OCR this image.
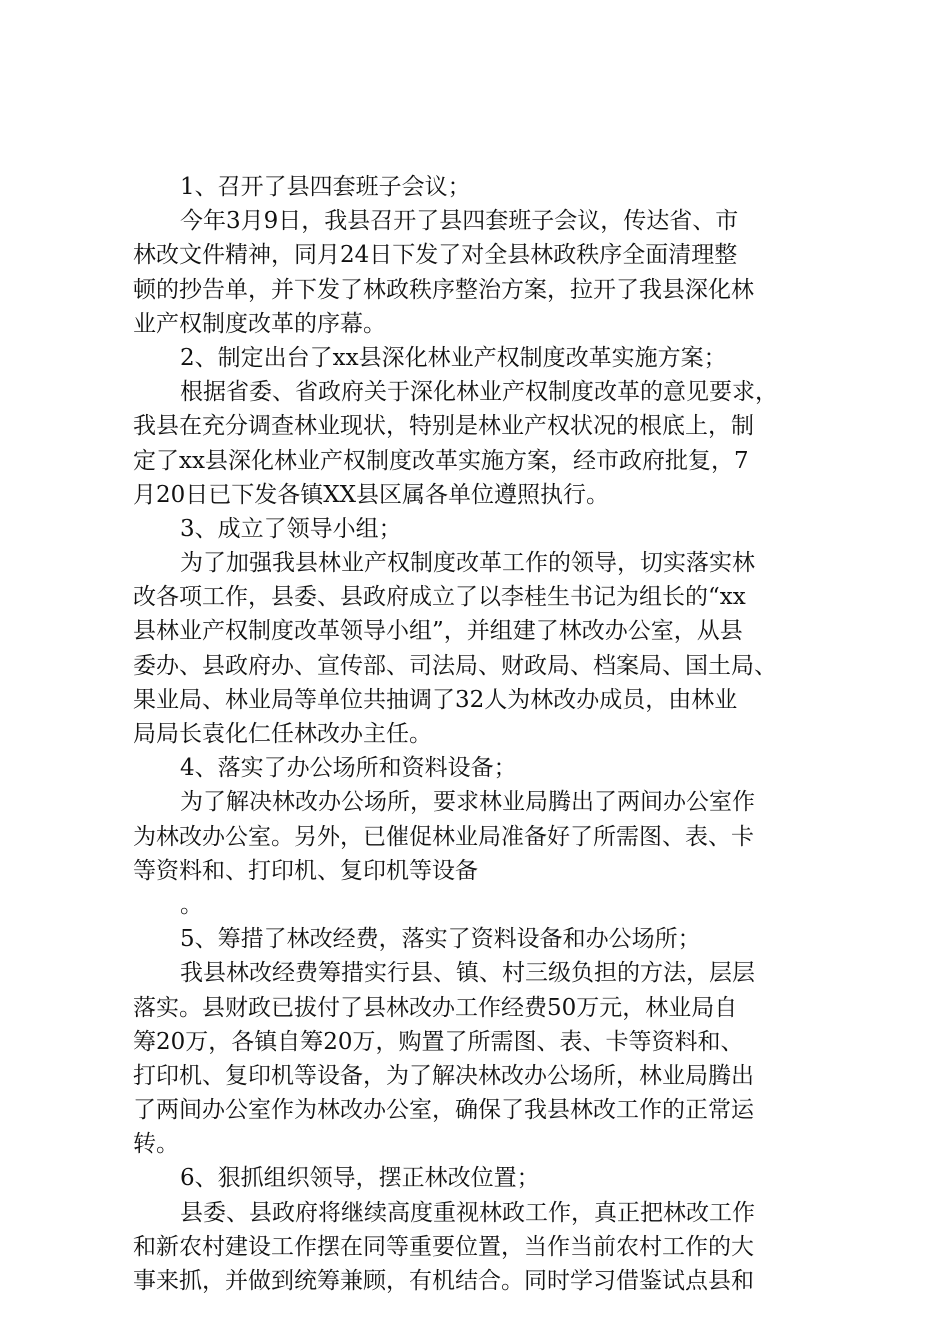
1、召开了县四套班子会议；
今年3月9日，我县召开了县四套班子会议，传达省、市
林改文件精神，同月24日下发了对全县林政秩序全面清理整
顿的抄告单，并下发了林政秩序整治方案，拉开了我县深化林
业产权制度改革的序幕。
2、制定出台了xx县深化林业产权制度改革实施方案；
根据省委、省政府关于深化林业产权制度改革的意见要求，
我县在充分调查林业现状，特别是林业产权状况的根底上，制
定了xx县深化林业产权制度改革实施方案，经市政府批复，7
月20日已下发各镇XX县区属各单位遵照执行。
3、成立了领导小组；
为了加强我县林业产权制度改革工作的领导，切实落实林
改各项工作，县委、县政府成立了以李桂生书记为组长的“xx
县林业产权制度改革领导小组”，并组建了林改办公室，从县
委办、县政府办、宣传部、司法局、财政局、档案局、国土局、
果业局、林业局等单位共抽调了32人为林改办成员，由林业
局局长袁化仁任林改办主任。
4、落实了办公场所和资料设备；
为了解决林改办公场所，要求林业局腾出了两间办公室作
为林改办公室。另外，已催促林业局准备好了所需图、表、卡
等资料和、打印机、复印机等设备
。
5、筹措了林改经费，落实了资料设备和办公场所；
我县林改经费筹措实行县、镇、村三级负担的方法，层层
落实。县财政已拔付了县林改办工作经费50万元，林业局自
筹20万，各镇自筹20万，购置了所需图、表、卡等资料和、
打印机、复印机等设备，为了解决林改办公场所，林业局腾出
了两间办公室作为林改办公室，确保了我县林改工作的正常运
转。
6、狠抓组织领导，摆正林改位置；
县委、县政府将继续高度重视林政工作，真正把林改工作
和新农村建设工作摆在同等重要位置，当作当前农村工作的大
事来抓，并做到统筹兼顾，有机结合。同时学习借鉴试点县和
